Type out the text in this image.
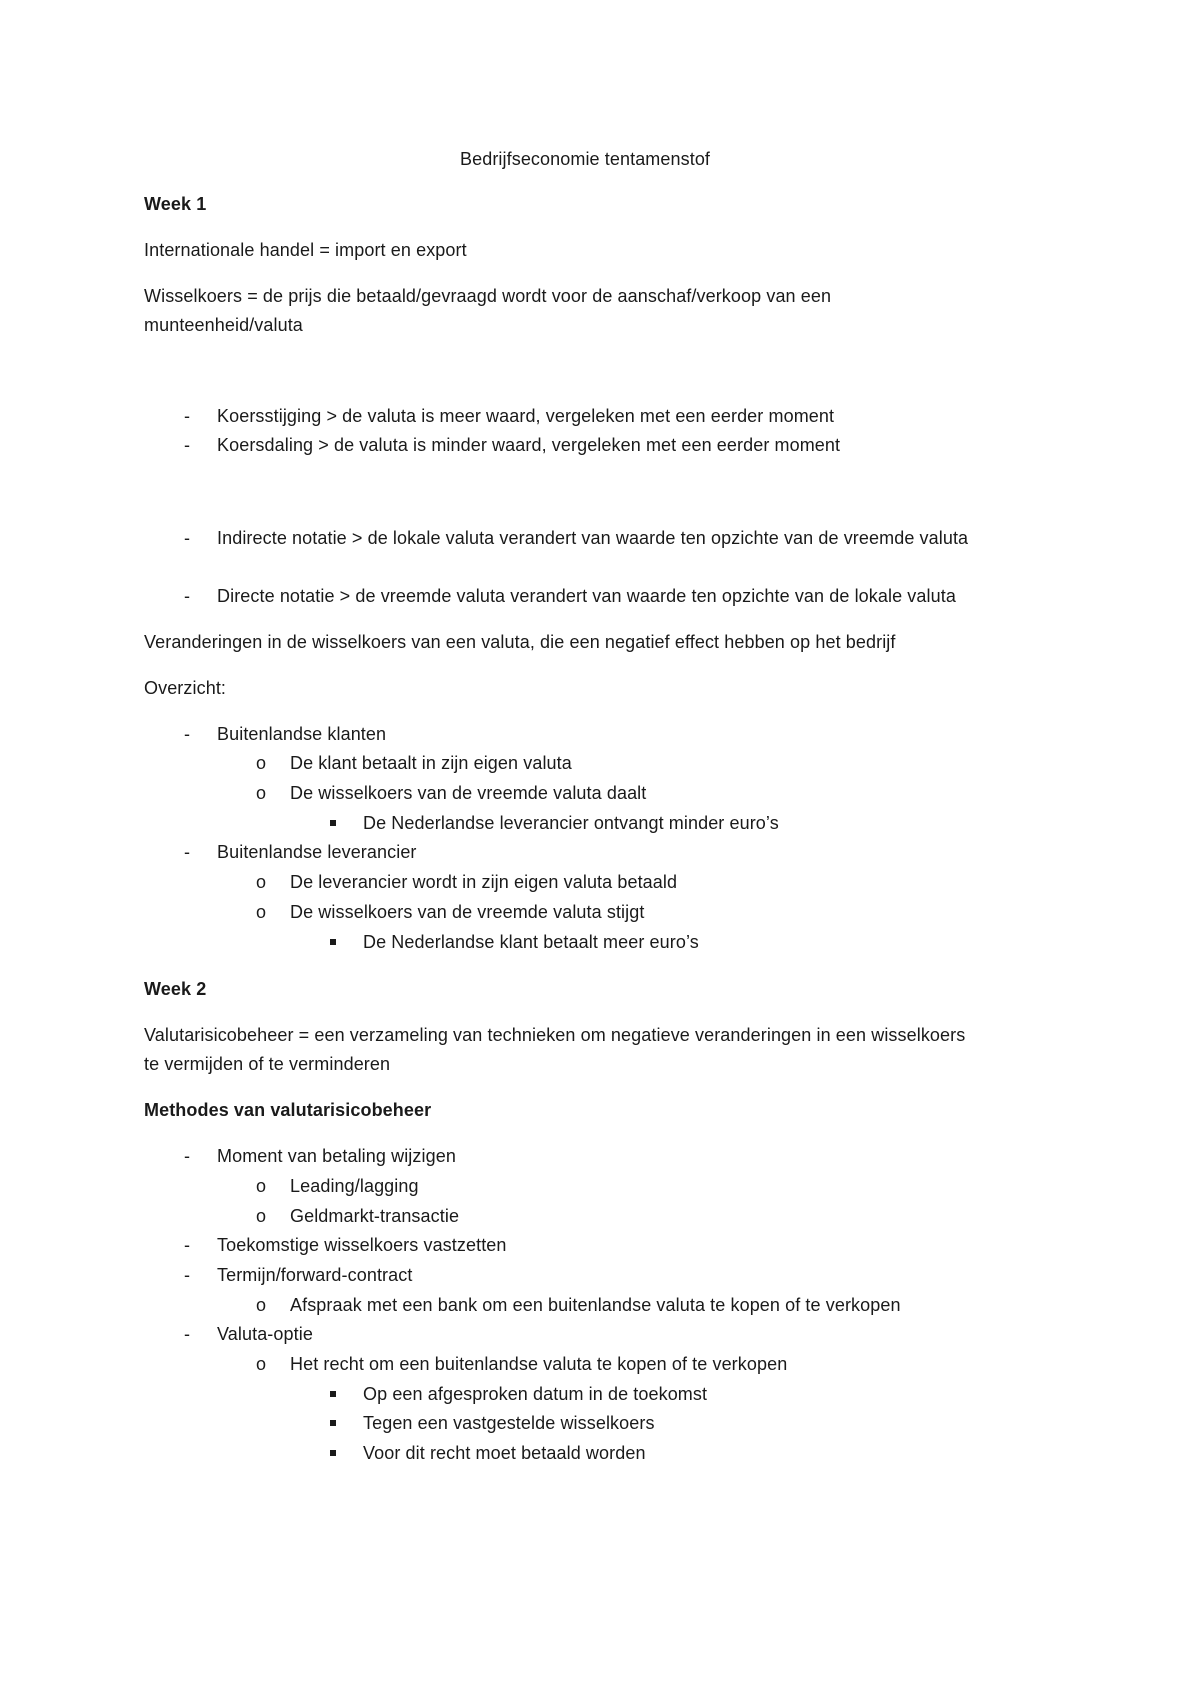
Bedrijfseconomie tentamenstof
Week 1
Internationale handel = import en export
Wisselkoers = de prijs die betaald/gevraagd wordt voor de aanschaf/verkoop van een
munteenheid/valuta
- Koersstijging > de valuta is meer waard, vergeleken met een eerder moment
- Koersdaling > de valuta is minder waard, vergeleken met een eerder moment
- Indirecte notatie > de lokale valuta verandert van waarde ten opzichte van de vreemde valuta
- Directe notatie > de vreemde valuta verandert van waarde ten opzichte van de lokale valuta
Veranderingen in de wisselkoers van een valuta, die een negatief effect hebben op het bedrijf
Overzicht:
- Buitenlandse klanten
o De klant betaalt in zijn eigen valuta
o De wisselkoers van de vreemde valuta daalt
De Nederlandse leverancier ontvangt minder euro’s
- Buitenlandse leverancier
o De leverancier wordt in zijn eigen valuta betaald
o De wisselkoers van de vreemde valuta stijgt
De Nederlandse klant betaalt meer euro’s
Week 2
Valutarisicobeheer = een verzameling van technieken om negatieve veranderingen in een wisselkoers
te vermijden of te verminderen
Methodes van valutarisicobeheer
- Moment van betaling wijzigen
o Leading/lagging
o Geldmarkt-transactie
- Toekomstige wisselkoers vastzetten
- Termijn/forward-contract
o Afspraak met een bank om een buitenlandse valuta te kopen of te verkopen
- Valuta-optie
o Het recht om een buitenlandse valuta te kopen of te verkopen
Op een afgesproken datum in de toekomst
Tegen een vastgestelde wisselkoers
Voor dit recht moet betaald worden
